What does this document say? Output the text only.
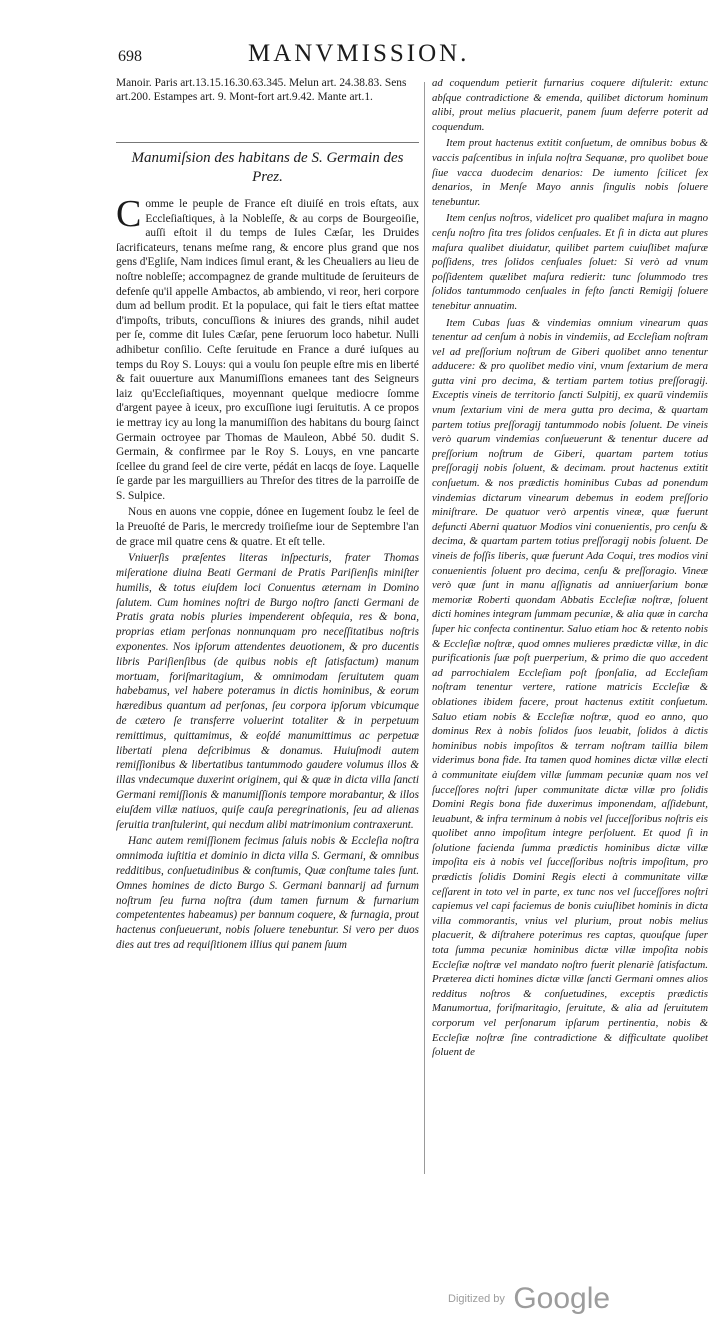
698	MANVMISSION.

Manoir. Paris art.13.15.16.30.63.345. Melun art. 24.38.83. Sens art.200. Estampes art. 9. Mont-fort art.9.42. Mante art.1.

Manumiſsion des habitans de S. Germain des Prez.

Comme le peuple de France eſt diuiſé en trois eſtats, aux Eccleſiaſtiques, à la Nobleſſe, & au corps de Bourgeoiſie, auſſi eſtoit il du temps de Iules Cæſar, les Druides ſacrificateurs, tenans meſme rang, & encore plus grand que nos gens d'Egliſe, Nam indices ſimul erant, & les Cheualiers au lieu de noſtre nobleſſe; accompagnez de grande multitude de ſeruiteurs de defenſe qu'il appelle Ambactos, ab ambiendo, vi reor, heri corpore dum ad bellum prodit. Et la populace, qui fait le tiers eſtat mattee d'impoſts, tributs, concuſſions & iniures des grands, nihil audet per ſe, comme dit Iules Cæſar, pene ſeruorum loco habetur. Nulli adhibetur conſilio. Ceſte ſeruitude en France a duré iuſques au temps du Roy S. Louys: qui a voulu ſon peuple eſtre mis en liberté & fait ouuerture aux Manumiſſions emanees tant des Seigneurs laiz qu'Eccleſiaſtiques, moyennant quelque mediocre ſomme d'argent payee à iceux, pro excuſſione iugi ſeruitutis. A ce propos ie mettray icy au long la manumiſſion des habitans du bourg ſainct Germain octroyee par Thomas de Mauleon, Abbé 50. dudit S. Germain, & confirmee par le Roy S. Louys, en vne pancarte ſcellee du grand ſeel de cire verte, pédát en lacqs de ſoye. Laquelle ſe garde par les marguilliers au Threſor des titres de la parroiſſe de S. Sulpice.

Nous en auons vne coppie, dónee en Iugement ſoubz le ſeel de la Preuoſté de Paris, le mercredy troiſieſme iour de Septembre l'an de grace mil quatre cens & quatre. Et eſt telle.

Vniuerſis præſentes literas inſpecturis, frater Thomas miſeratione diuina Beati Germani de Pratis Pariſienſis miniſter humilis, & totus eiuſdem loci Conuentus æternam in Domino ſalutem. Cum homines noſtri de Burgo noſtro ſancti Germani de Pratis grata nobis pluries impenderent obſequia, res & bona, proprias etiam perſonas nonnunquam pro neceſſitatibus noſtris exponentes. Nos ipſorum attendentes deuotionem, & pro ducentis libris Pariſienſibus (de quibus nobis eſt ſatisfactum) manum mortuam, foriſmaritagium, & omnimodam ſeruitutem quam habebamus, vel habere poteramus in dictis hominibus, & eorum hæredibus quantum ad perſonas, ſeu corpora ipſorum vbicumque de cætero ſe transferre voluerint totaliter & in perpetuum remittimus, quittamimus, & eoſdé manumittimus ac perpetuæ libertati plena deſcribimus & donamus. Huiuſmodi autem remiſſionibus & libertatibus tantummodo gaudere volumus illos & illas vndecumque duxerint originem, qui & quæ in dicta villa ſancti Germani remiſſionis & manumiſſionis tempore morabantur, & illos eiuſdem villæ natiuos, quiſe cauſa peregrinationis, ſeu ad alienas ſeruitia tranſtulerint, qui necdum alibi matrimonium contraxerunt.

Hanc autem remiſſionem fecimus ſaluis nobis & Eccleſia noſtra omnimoda iuſtitia et dominio in dicta villa S. Germani, & omnibus redditibus, conſuetudinibus & conſtumis, Quæ conſtume tales ſunt. Omnes homines de dicto Burgo S. Germani bannarij ad furnum noſtrum ſeu furna noſtra (dum tamen furnum & furnarium competententes habeamus) per bannum coquere, & furnagia, prout hactenus conſueuerunt, nobis ſoluere tenebuntur. Si vero per duos dies aut tres ad requiſitionem illius qui panem ſuum

ad coquendum petierit furnarius coquere diſtulerit: extunc abſque contradictione & emenda, quilibet dictorum hominum alibi, prout melius placuerit, panem ſuum deferre poterit ad coquendum.

Item prout hactenus extitit conſuetum, de omnibus bobus & vaccis paſcentibus in inſula noſtra Sequanæ, pro quolibet boue ſiue vacca duodecim denarios: De iumento ſcilicet ſex denarios, in Menſe Mayo annis ſingulis nobis ſoluere tenebuntur.

Item cenſus noſtros, videlicet pro qualibet maſura in magno cenſu noſtro ſita tres ſolidos cenſuales. Et ſi in dicta aut plures maſura qualibet diuidatur, quilibet partem cuiuſlibet maſuræ poſſidens, tres ſolidos cenſuales ſoluet: Si verò ad vnum poſſidentem quælibet maſura redierit: tunc ſolummodo tres ſolidos tantummodo cenſuales in feſto ſancti Remigij ſoluere tenebitur annuatim.

Item Cubas ſuas & vindemias omnium vinearum quas tenentur ad cenſum à nobis in vindemiis, ad Eccleſiam noſtram vel ad preſſorium noſtrum de Giberi quolibet anno tenentur adducere: & pro quolibet medio vini, vnum ſextarium de mera gutta vini pro decima, & tertiam partem totius preſſoragij. Exceptis vineis de territorio ſancti Sulpitij, ex quarū vindemiis vnum ſextarium vini de mera gutta pro decima, & quartam partem totius preſſoragij tantummodo nobis ſoluent. De vineis verò quarum vindemias conſueuerunt & tenentur ducere ad preſſorium noſtrum de Giberi, quartam partem totius preſſoragij nobis ſoluent, & decimam. prout hactenus extitit conſuetum. & nos prædictis hominibus Cubas ad ponendum vindemias dictarum vinearum debemus in eodem preſſorio miniſtrare. De quatuor verò arpentis vineæ, quæ fuerunt defuncti Aberni quatuor Modios vini conuenientis, pro cenſu & decima, & quartam partem totius preſſoragij nobis ſoluent. De vineis de foſſis liberis, quæ fuerunt Ada Coqui, tres modios vini conuenientis ſoluent pro decima, cenſu & preſſoragio. Vineæ verò quæ ſunt in manu aſſignatis ad anniuerſarium bonæ memoriæ Roberti quondam Abbatis Eccleſiæ noſtræ, ſoluent dicti homines integram ſummam pecuniæ, & alia quæ in carcha ſuper hic confecta continentur. Saluo etiam hoc & retento nobis & Eccleſiæ noſtræ, quod omnes mulieres prædictæ villæ, in dic purificationis ſuæ poſt puerperium, & primo die quo accedent ad parrochialem Eccleſiam poſt ſponſalia, ad Eccleſiam noſtram tenentur vertere, ratione matricis Eccleſiæ & oblationes ibidem facere, prout hactenus extitit conſuetum. Saluo etiam nobis & Eccleſiæ noſtræ, quod eo anno, quo dominus Rex à nobis ſolidos ſuos leuabit, ſolidos à dictis hominibus nobis impoſitos & terram noſtram taillia bilem viderimus bona fide. Ita tamen quod homines dictæ villæ electi à communitate eiuſdem villæ ſummam pecuniæ quam nos vel ſucceſſores noſtri ſuper communitate dictæ villæ pro ſolidis Domini Regis bona fide duxerimus imponendam, aſſidebunt, leuabunt, & infra terminum à nobis vel ſucceſſoribus noſtris eis quolibet anno impoſitum integre perſoluent. Et quod ſi in ſolutione facienda ſumma prædictis hominibus dictæ villæ impoſita eis à nobis vel ſucceſſoribus noſtris impoſitum, pro prædictis ſolidis Domini Regis electi à communitate villæ ceſſarent in toto vel in parte, ex tunc nos vel ſucceſſores noſtri capiemus vel capi faciemus de bonis cuiuſlibet hominis in dicta villa commorantis, vnius vel plurium, prout nobis melius placuerit, & diſtrahere poterimus res captas, quouſque ſuper tota ſumma pecuniæ hominibus dictæ villæ impoſita nobis Eccleſiæ noſtræ vel mandato noſtro fuerit plenariè ſatisfactum. Præterea dicti homines dictæ villæ ſancti Germani omnes alios redditus noſtros & conſuetudines, exceptis prædictis Manumortua, foriſmaritagio, ſeruitute, & alia ad ſeruitutem corporum vel perſonarum ipſarum pertinentia, nobis & Eccleſiæ noſtræ ſine contradictione & difficultate quolibet ſoluent de

Digitized by Google
